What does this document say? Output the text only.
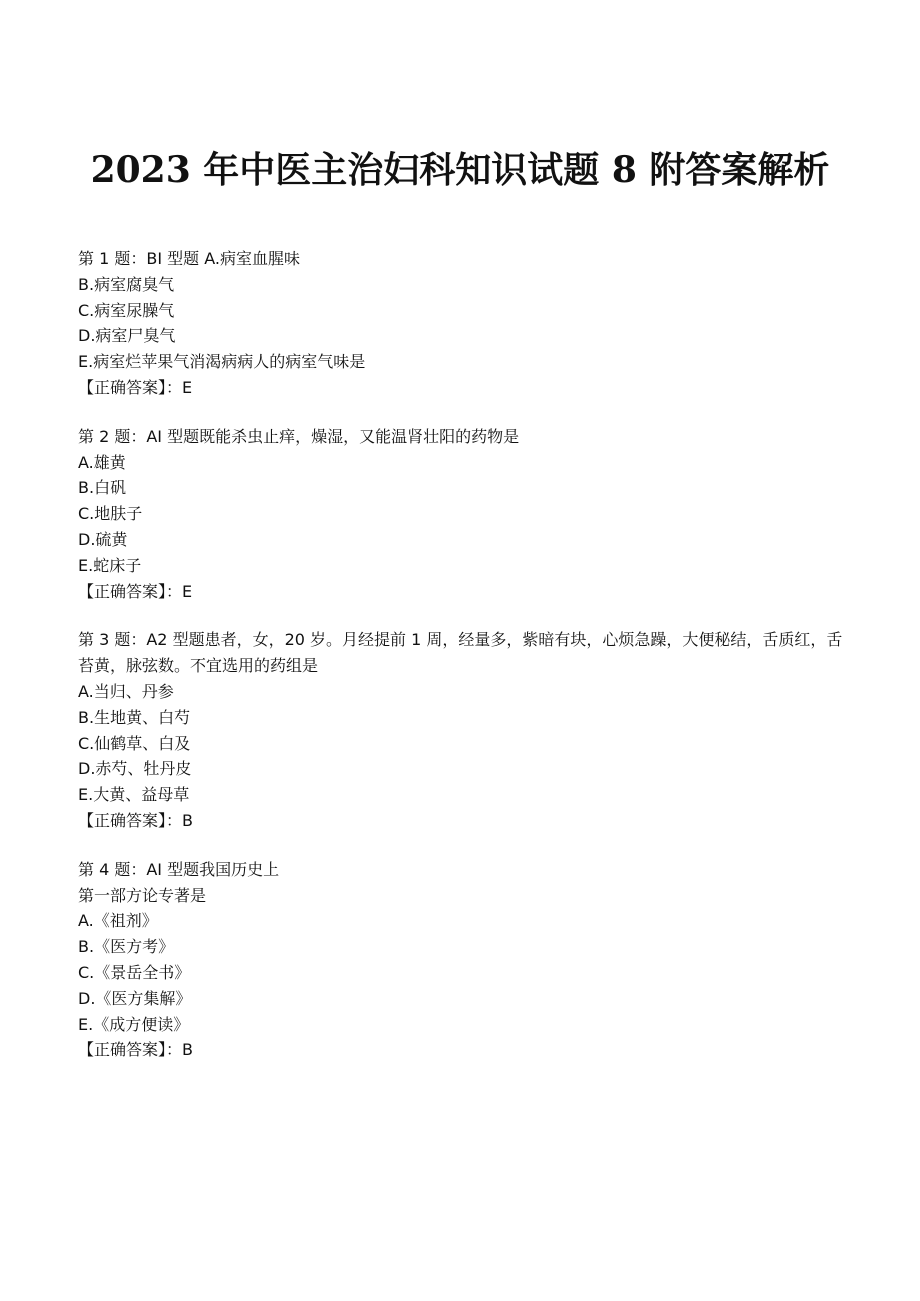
2023 年中医主治妇科知识试题 8 附答案解析
第 1 题：BI 型题 A.病室血腥味
B.病室腐臭气
C.病室尿臊气
D.病室尸臭气
E.病室烂苹果气消渴病病人的病室气味是
【正确答案】：E
第 2 题：AI 型题既能杀虫止痒，燥湿，又能温肾壮阳的药物是
A.雄黄
B.白矾
C.地肤子
D.硫黄
E.蛇床子
【正确答案】：E
第 3 题：A2 型题患者，女，20 岁。月经提前 1 周，经量多，紫暗有块，心烦急躁，大便秘结，舌质红，舌苔黄，脉弦数。不宜选用的药组是
A.当归、丹参
B.生地黄、白芍
C.仙鹤草、白及
D.赤芍、牡丹皮
E.大黄、益母草
【正确答案】：B
第 4 题：AI 型题我国历史上
第一部方论专著是
A.《祖剂》
B.《医方考》
C.《景岳全书》
D.《医方集解》
E.《成方便读》
【正确答案】：B
